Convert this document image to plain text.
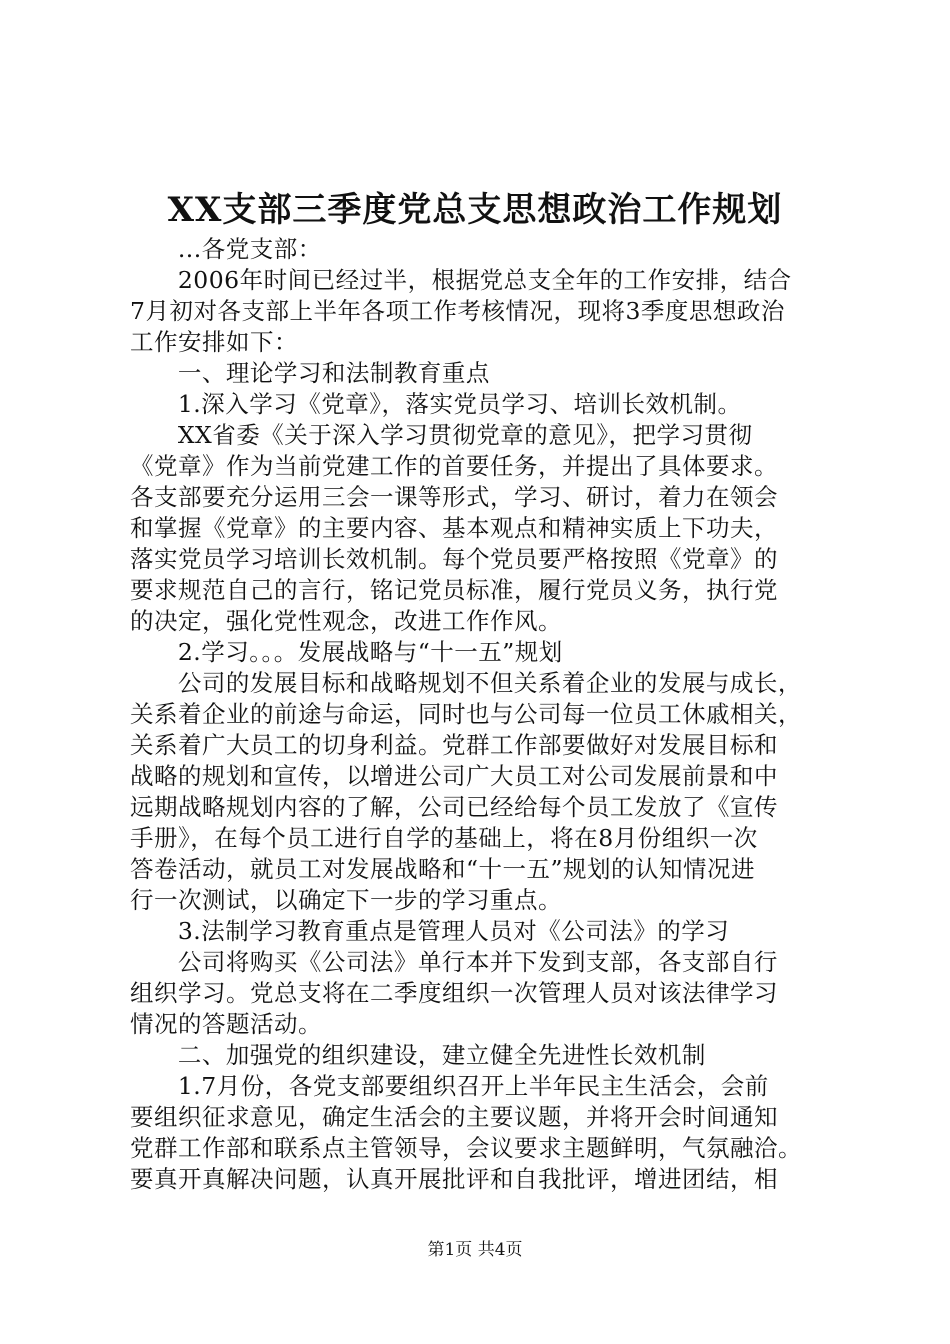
XX支部三季度党总支思想政治工作规划
...各党支部：
2006年时间已经过半，根据党总支全年的工作安排，结合
7月初对各支部上半年各项工作考核情况，现将3季度思想政治
工作安排如下：
一、理论学习和法制教育重点
1.深入学习《党章》，落实党员学习、培训长效机制。
XX省委《关于深入学习贯彻党章的意见》，把学习贯彻
《党章》作为当前党建工作的首要任务，并提出了具体要求。
各支部要充分运用三会一课等形式，学习、研讨，着力在领会
和掌握《党章》的主要内容、基本观点和精神实质上下功夫，
落实党员学习培训长效机制。每个党员要严格按照《党章》的
要求规范自己的言行，铭记党员标准，履行党员义务，执行党
的决定，强化党性观念，改进工作作风。
2.学习。。。发展战略与“十一五”规划
公司的发展目标和战略规划不但关系着企业的发展与成长，
关系着企业的前途与命运，同时也与公司每一位员工休戚相关，
关系着广大员工的切身利益。党群工作部要做好对发展目标和
战略的规划和宣传，以增进公司广大员工对公司发展前景和中
远期战略规划内容的了解，公司已经给每个员工发放了《宣传
手册》，在每个员工进行自学的基础上，将在8月份组织一次
答卷活动，就员工对发展战略和“十一五”规划的认知情况进
行一次测试，以确定下一步的学习重点。
3.法制学习教育重点是管理人员对《公司法》的学习
公司将购买《公司法》单行本并下发到支部，各支部自行
组织学习。党总支将在二季度组织一次管理人员对该法律学习
情况的答题活动。
二、加强党的组织建设，建立健全先进性长效机制
1.7月份，各党支部要组织召开上半年民主生活会，会前
要组织征求意见，确定生活会的主要议题，并将开会时间通知
党群工作部和联系点主管领导，会议要求主题鲜明，气氛融洽。
要真开真解决问题，认真开展批评和自我批评，增进团结，相
第1页 共4页
